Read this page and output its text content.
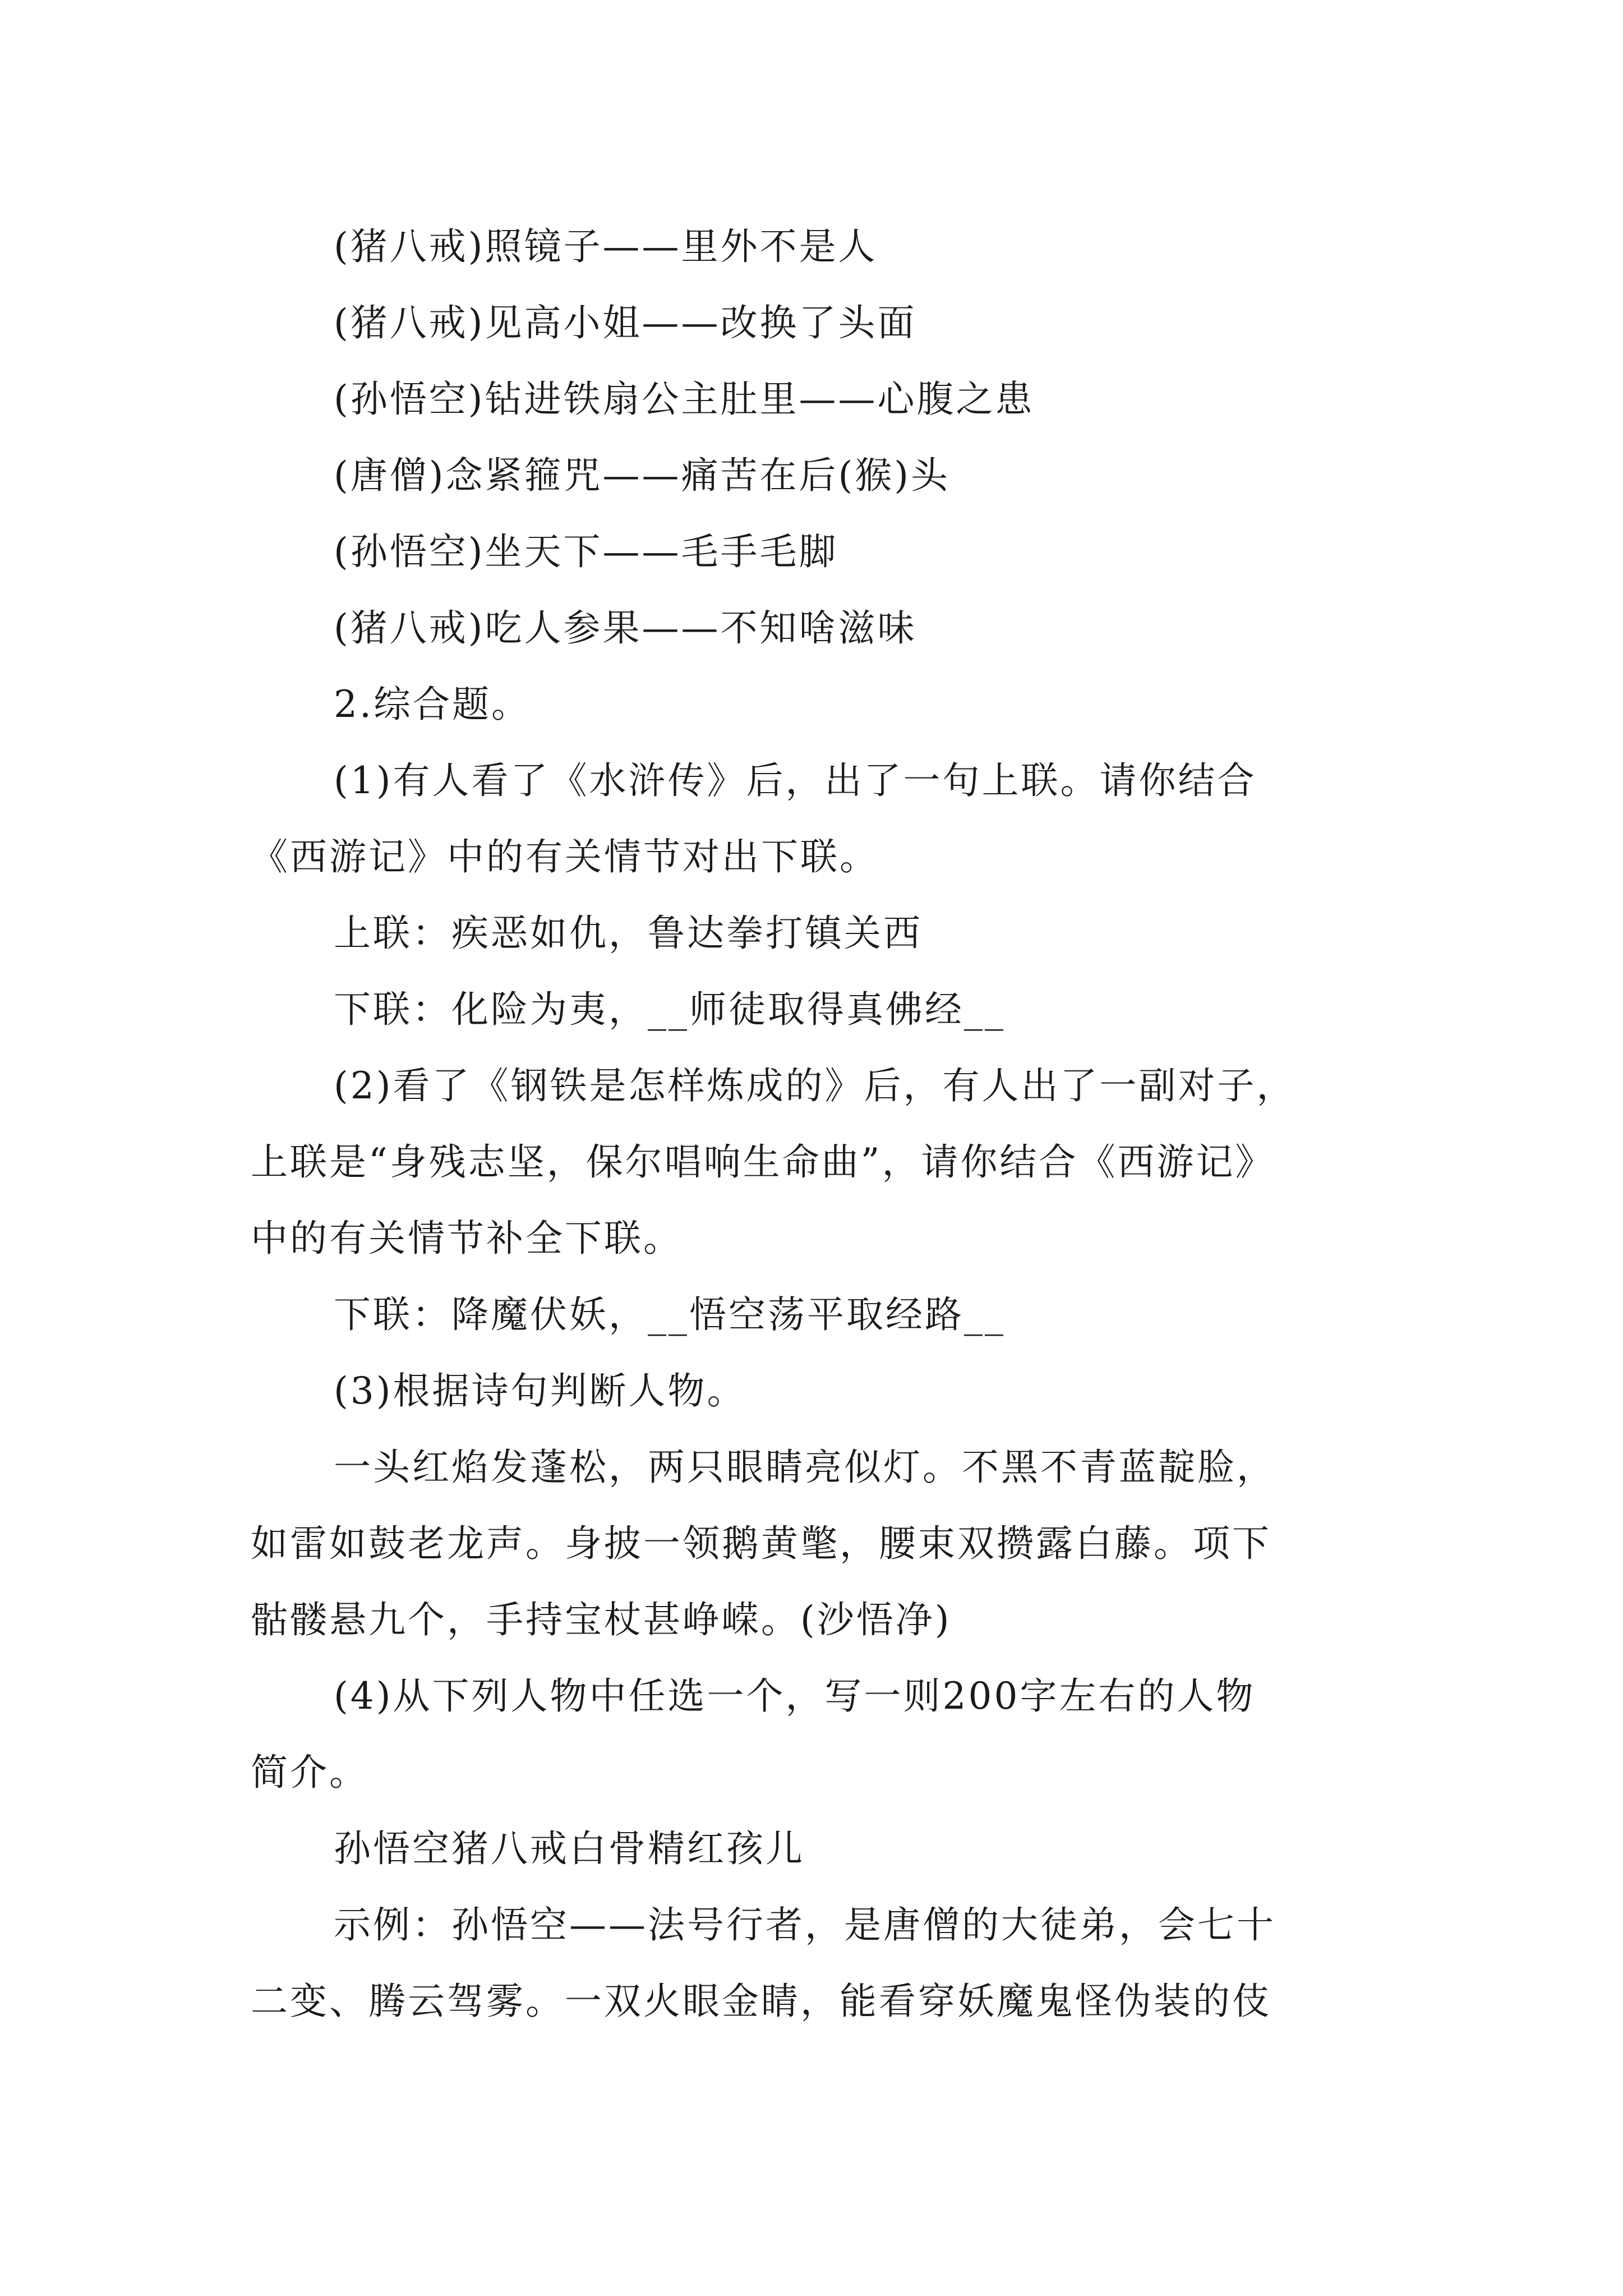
(猪八戒)照镜子——里外不是人
(猪八戒)见高小姐——改换了头面
(孙悟空)钻进铁扇公主肚里——心腹之患
(唐僧)念紧箍咒——痛苦在后(猴)头
(孙悟空)坐天下——毛手毛脚
(猪八戒)吃人参果——不知啥滋味
2.综合题。
(1)有人看了《水浒传》后，出了一句上联。请你结合
《西游记》中的有关情节对出下联。
上联：疾恶如仇，鲁达拳打镇关西
下联：化险为夷，__师徒取得真佛经__
(2)看了《钢铁是怎样炼成的》后，有人出了一副对子，
上联是“身残志坚，保尔唱响生命曲”，请你结合《西游记》
中的有关情节补全下联。
下联：降魔伏妖，__悟空荡平取经路__
(3)根据诗句判断人物。
一头红焰发蓬松，两只眼睛亮似灯。不黑不青蓝靛脸，
如雷如鼓老龙声。身披一领鹅黄氅，腰束双攒露白藤。项下
骷髅悬九个，手持宝杖甚峥嵘。(沙悟净)
(4)从下列人物中任选一个，写一则200字左右的人物
简介。
孙悟空猪八戒白骨精红孩儿
示例：孙悟空——法号行者，是唐僧的大徒弟，会七十
二变、腾云驾雾。一双火眼金睛，能看穿妖魔鬼怪伪装的伎
